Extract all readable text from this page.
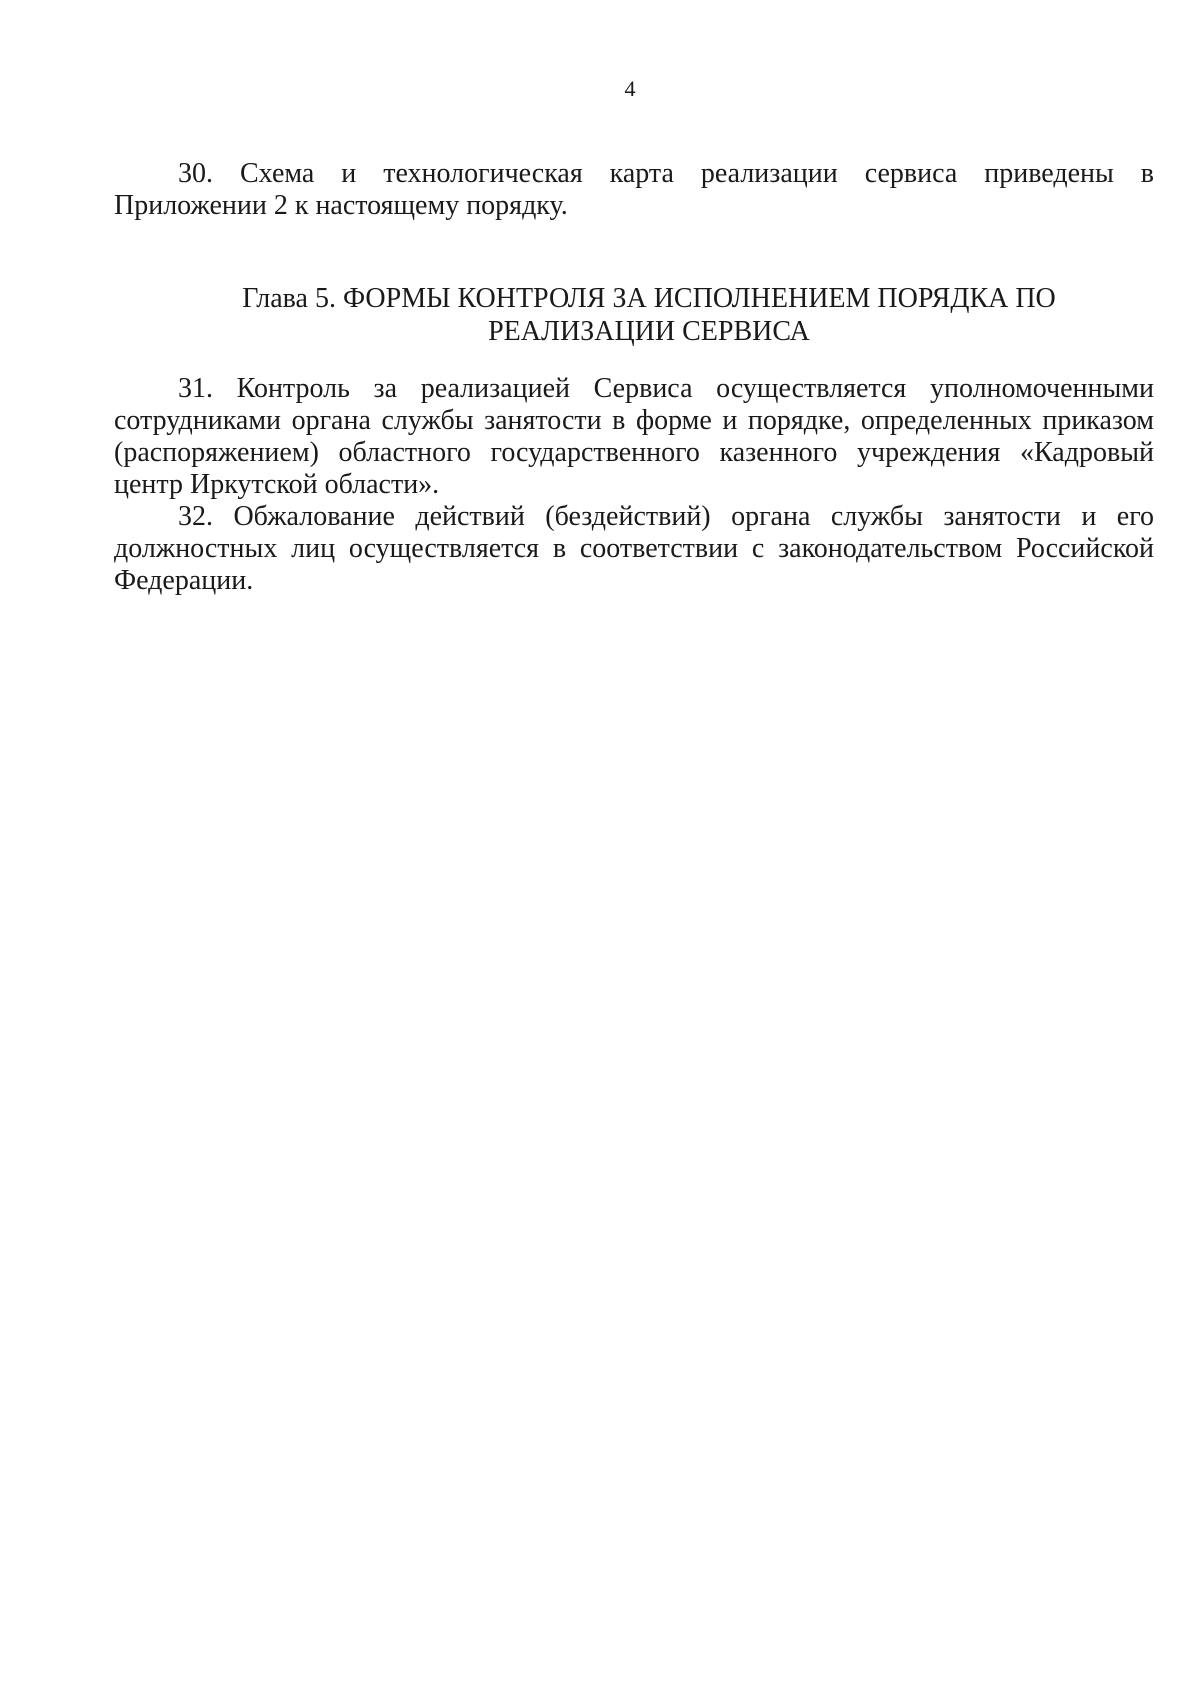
4

30. Схема и технологическая карта реализации сервиса приведены в Приложении 2 к настоящему порядку.

Глава 5. ФОРМЫ КОНТРОЛЯ ЗА ИСПОЛНЕНИЕМ ПОРЯДКА ПО
РЕАЛИЗАЦИИ СЕРВИСА

31. Контроль за реализацией Сервиса осуществляется уполномоченными сотрудниками органа службы занятости в форме и порядке, определенных приказом (распоряжением) областного государственного казенного учреждения «Кадровый центр Иркутской области».

32. Обжалование действий (бездействий) органа службы занятости и его должностных лиц осуществляется в соответствии с законодательством Российской Федерации.
